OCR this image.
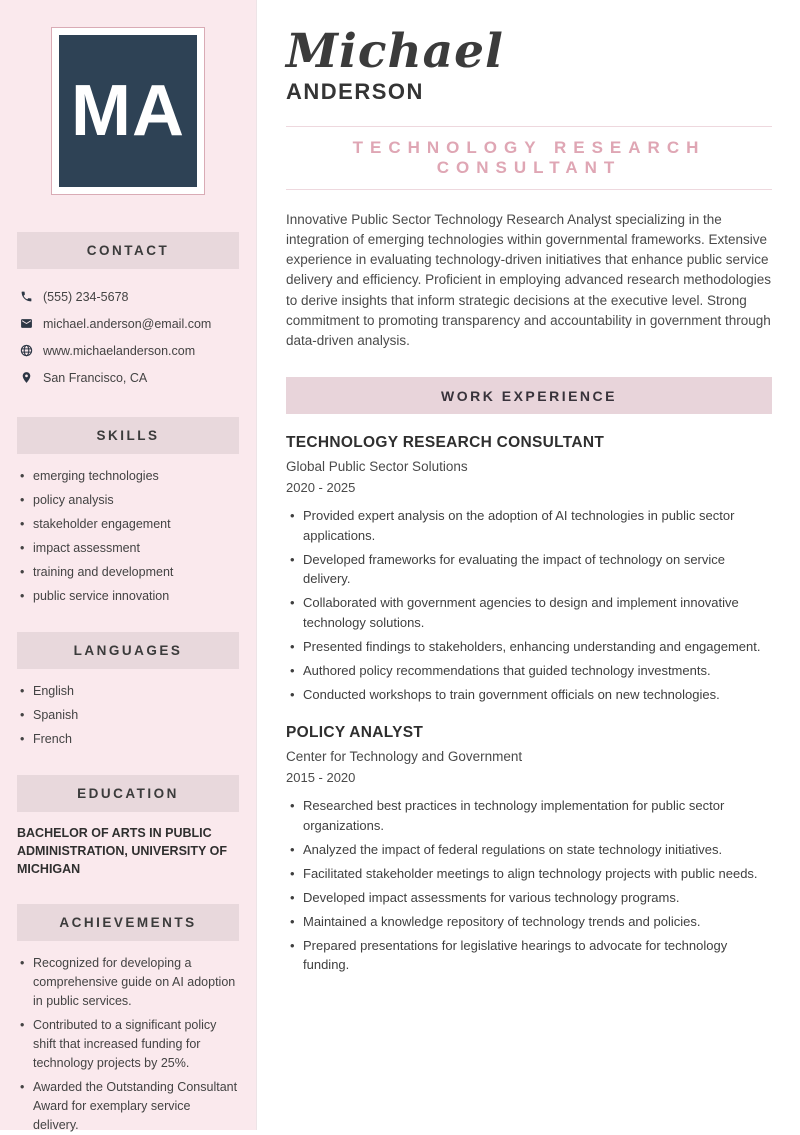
MA
CONTACT
(555) 234-5678
michael.anderson@email.com
www.michaelanderson.com
San Francisco, CA
SKILLS
• emerging technologies
• policy analysis
• stakeholder engagement
• impact assessment
• training and development
• public service innovation
LANGUAGES
• English
• Spanish
• French
EDUCATION
BACHELOR OF ARTS IN PUBLIC ADMINISTRATION, UNIVERSITY OF MICHIGAN
ACHIEVEMENTS
• Recognized for developing a comprehensive guide on AI adoption in public services.
• Contributed to a significant policy shift that increased funding for technology projects by 25%.
• Awarded the Outstanding Consultant Award for exemplary service delivery.
Michael
ANDERSON
TECHNOLOGY RESEARCH CONSULTANT

Innovative Public Sector Technology Research Analyst specializing in the integration of emerging technologies within governmental frameworks. Extensive experience in evaluating technology-driven initiatives that enhance public service delivery and efficiency. Proficient in employing advanced research methodologies to derive insights that inform strategic decisions at the executive level. Strong commitment to promoting transparency and accountability in government through data-driven analysis.

WORK EXPERIENCE
TECHNOLOGY RESEARCH CONSULTANT
Global Public Sector Solutions
2020 - 2025
• Provided expert analysis on the adoption of AI technologies in public sector applications.
• Developed frameworks for evaluating the impact of technology on service delivery.
• Collaborated with government agencies to design and implement innovative technology solutions.
• Presented findings to stakeholders, enhancing understanding and engagement.
• Authored policy recommendations that guided technology investments.
• Conducted workshops to train government officials on new technologies.
POLICY ANALYST
Center for Technology and Government
2015 - 2020
• Researched best practices in technology implementation for public sector organizations.
• Analyzed the impact of federal regulations on state technology initiatives.
• Facilitated stakeholder meetings to align technology projects with public needs.
• Developed impact assessments for various technology programs.
• Maintained a knowledge repository of technology trends and policies.
• Prepared presentations for legislative hearings to advocate for technology funding.
